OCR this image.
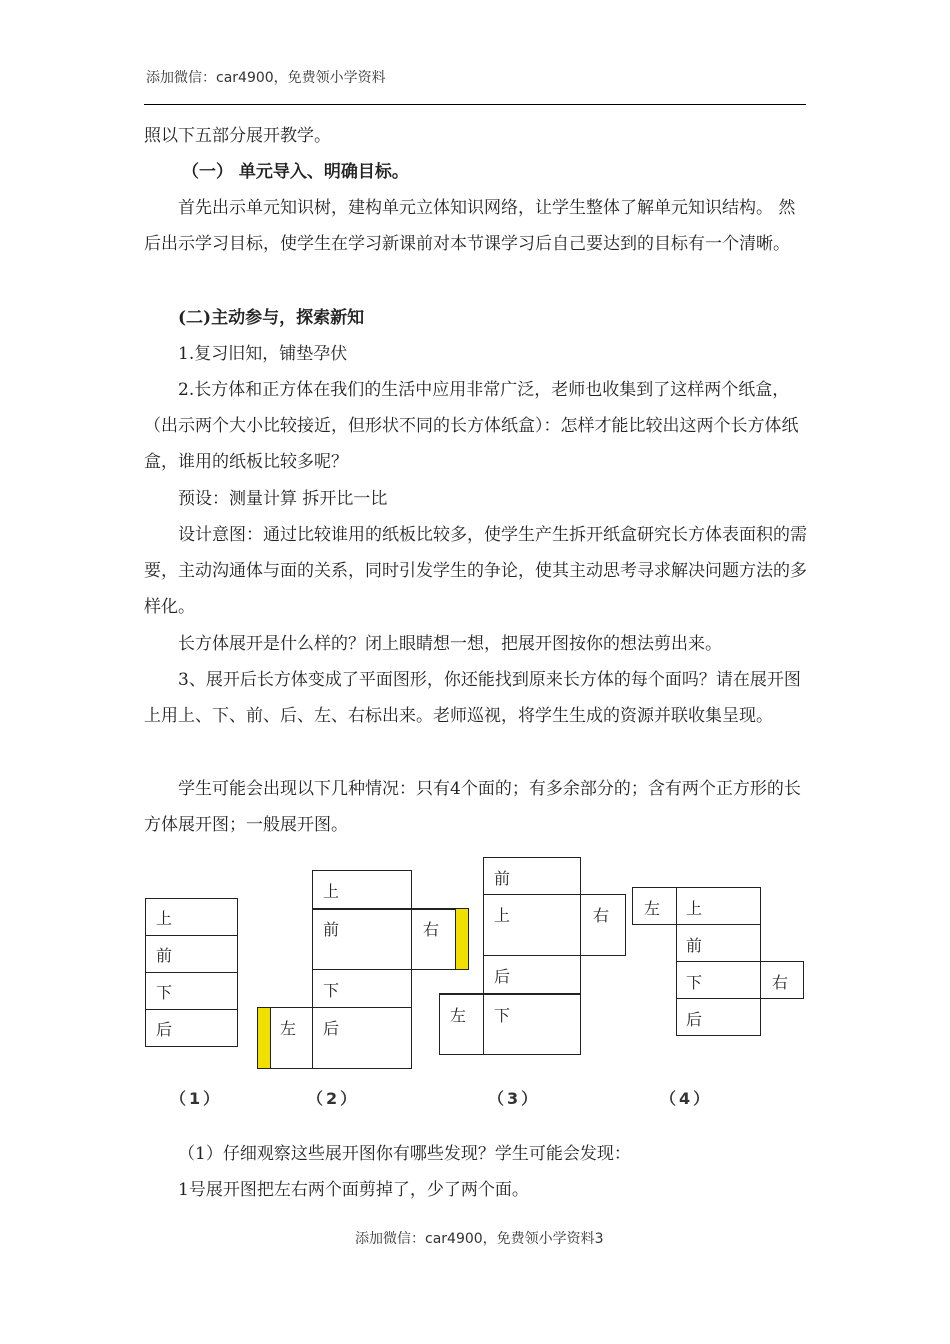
添加微信：car4900，免费领小学资料

照以下五部分展开教学。

（一） 单元导入、明确目标。

首先出示单元知识树，建构单元立体知识网络，让学生整体了解单元知识结构。 然后出示学习目标，使学生在学习新课前对本节课学习后自己要达到的目标有一个清晰。

(二)主动参与，探索新知

1.复习旧知，铺垫孕伏

2.长方体和正方体在我们的生活中应用非常广泛，老师也收集到了这样两个纸盒，（出示两个大小比较接近，但形状不同的长方体纸盒）：怎样才能比较出这两个长方体纸盒，谁用的纸板比较多呢？

预设：测量计算 拆开比一比

设计意图：通过比较谁用的纸板比较多，使学生产生拆开纸盒研究长方体表面积的需要，主动沟通体与面的关系，同时引发学生的争论，使其主动思考寻求解决问题方法的多样化。

长方体展开是什么样的？闭上眼睛想一想，把展开图按你的想法剪出来。

3、展开后长方体变成了平面图形，你还能找到原来长方体的每个面吗？请在展开图上用上、下、前、后、左、右标出来。老师巡视，将学生生成的资源并联收集呈现。

学生可能会出现以下几种情况：只有4个面的；有多余部分的；含有两个正方形的长方体展开图；一般展开图。

上
前
下
后
（1）
上
前	右
下
左 后
（2）
前
上	右
后
左 下
（3）
左 上
前
下	右
后
（4）

（1）仔细观察这些展开图你有哪些发现？学生可能会发现：

1号展开图把左右两个面剪掉了，少了两个面。

添加微信：car4900，免费领小学资料3
